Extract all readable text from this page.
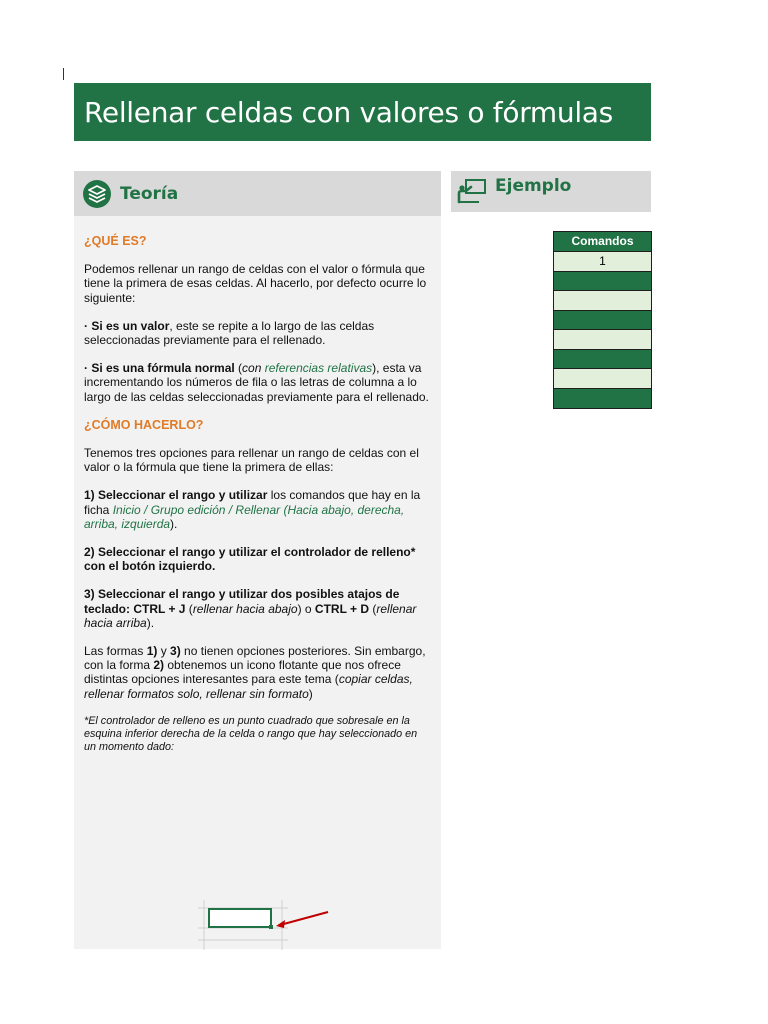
Rellenar celdas con valores o fórmulas
Teoría

¿QUÉ ES?

Podemos rellenar un rango de celdas con el valor o fórmula que tiene la primera de esas celdas. Al hacerlo, por defecto ocurre lo siguiente:

· Si es un valor, este se repite a lo largo de las celdas seleccionadas previamente para el rellenado.

· Si es una fórmula normal (con referencias relativas), esta va incrementando los números de fila o las letras de columna a lo largo de las celdas seleccionadas previamente para el rellenado.

¿CÓMO HACERLO?

Tenemos tres opciones para rellenar un rango de celdas con el valor o la fórmula que tiene la primera de ellas:

1) Seleccionar el rango y utilizar los comandos que hay en la ficha Inicio / Grupo edición / Rellenar (Hacia abajo, derecha, arriba, izquierda).

2) Seleccionar el rango y utilizar el controlador de relleno* con el botón izquierdo.

3) Seleccionar el rango y utilizar dos posibles atajos de teclado: CTRL + J (rellenar hacia abajo) o CTRL + D (rellenar hacia arriba).

Las formas 1) y 3) no tienen opciones posteriores. Sin embargo, con la forma 2) obtenemos un icono flotante que nos ofrece distintas opciones interesantes para este tema (copiar celdas, rellenar formatos solo, rellenar sin formato)

*El controlador de relleno es un punto cuadrado que sobresale en la esquina inferior derecha de la celda o rango que hay seleccionado en un momento dado:

Ejemplo
Comandos
1
